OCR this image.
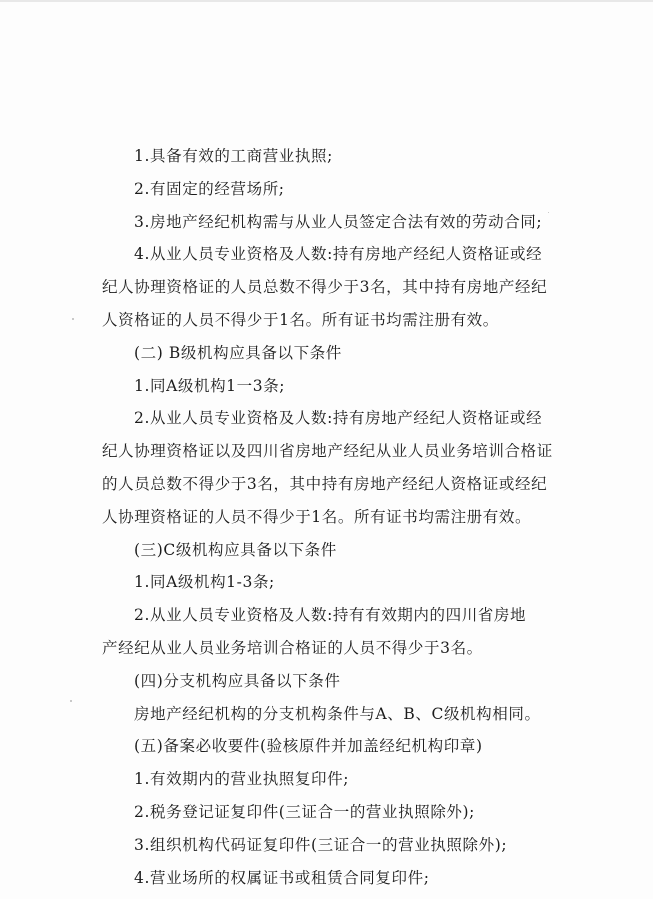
1.具备有效的工商营业执照;
2.有固定的经营场所;
3.房地产经纪机构需与从业人员签定合法有效的劳动合同;
4.从业人员专业资格及人数:持有房地产经纪人资格证或经
纪人协理资格证的人员总数不得少于3名，其中持有房地产经纪
人资格证的人员不得少于1名。所有证书均需注册有效。
(二) B级机构应具备以下条件
1.同A级机构1一3条;
2.从业人员专业资格及人数:持有房地产经纪人资格证或经
纪人协理资格证以及四川省房地产经纪从业人员业务培训合格证
的人员总数不得少于3名，其中持有房地产经纪人资格证或经纪
人协理资格证的人员不得少于1名。所有证书均需注册有效。
(三)C级机构应具备以下条件
1.同A级机构1-3条;
2.从业人员专业资格及人数:持有有效期内的四川省房地
产经纪从业人员业务培训合格证的人员不得少于3名。
(四)分支机构应具备以下条件
房地产经纪机构的分支机构条件与A、B、C级机构相同。
(五)备案必收要件(验核原件并加盖经纪机构印章)
1.有效期内的营业执照复印件;
2.税务登记证复印件(三证合一的营业执照除外);
3.组织机构代码证复印件(三证合一的营业执照除外);
4.营业场所的权属证书或租赁合同复印件;
